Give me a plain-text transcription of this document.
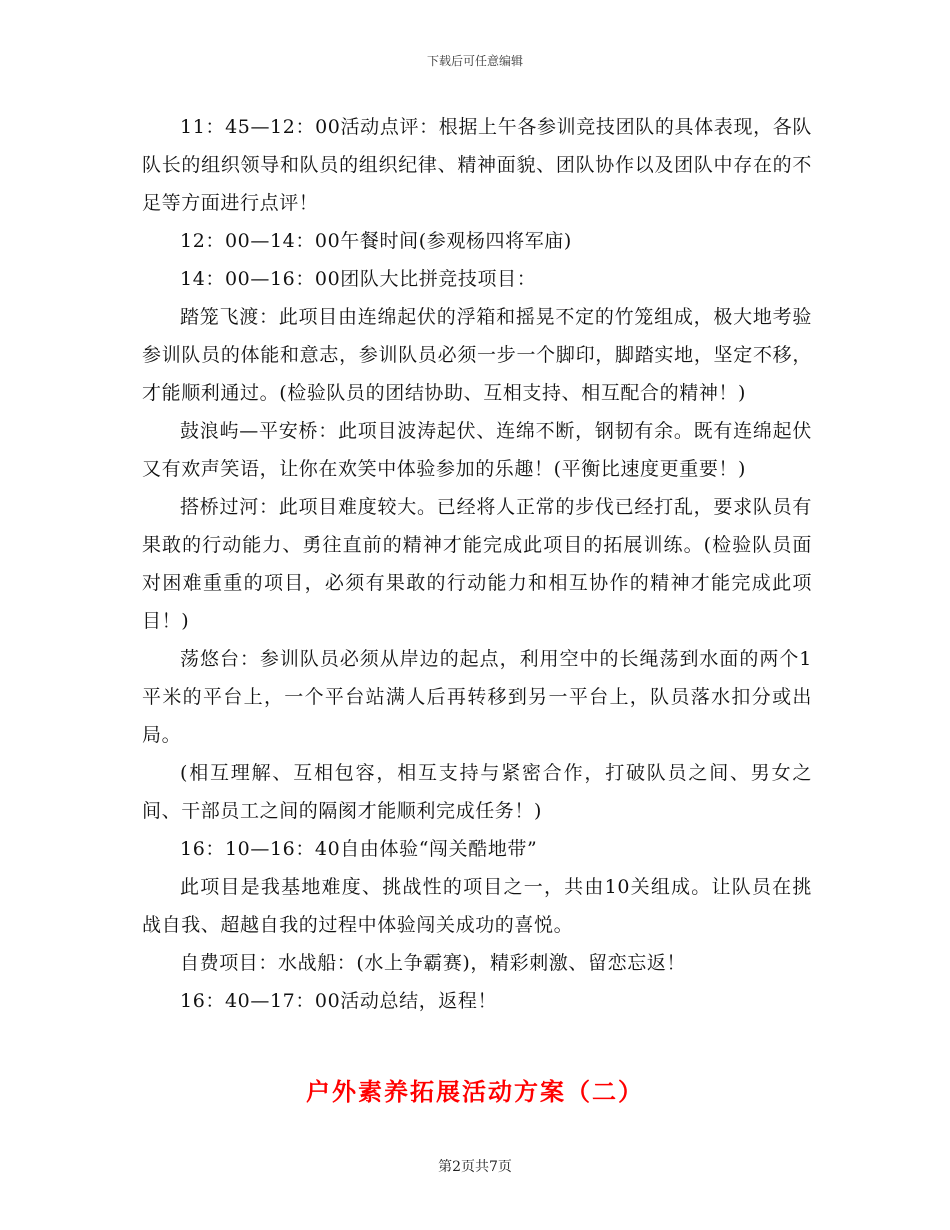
下载后可任意编辑

11：45—12：00活动点评：根据上午各参训竞技团队的具体表现，各队队长的组织领导和队员的组织纪律、精神面貌、团队协作以及团队中存在的不足等方面进行点评！

12：00—14：00午餐时间(参观杨四将军庙)

14：00—16：00团队大比拼竞技项目：

踏笼飞渡：此项目由连绵起伏的浮箱和摇晃不定的竹笼组成，极大地考验参训队员的体能和意志，参训队员必须一步一个脚印，脚踏实地，坚定不移，才能顺利通过。(检验队员的团结协助、互相支持、相互配合的精神！)

鼓浪屿—平安桥：此项目波涛起伏、连绵不断，钢韧有余。既有连绵起伏又有欢声笑语，让你在欢笑中体验参加的乐趣！(平衡比速度更重要！)

搭桥过河：此项目难度较大。已经将人正常的步伐已经打乱，要求队员有果敢的行动能力、勇往直前的精神才能完成此项目的拓展训练。(检验队员面对困难重重的项目，必须有果敢的行动能力和相互协作的精神才能完成此项目！)

荡悠台：参训队员必须从岸边的起点，利用空中的长绳荡到水面的两个1平米的平台上，一个平台站满人后再转移到另一平台上，队员落水扣分或出局。

(相互理解、互相包容，相互支持与紧密合作，打破队员之间、男女之间、干部员工之间的隔阂才能顺利完成任务！)

16：10—16：40自由体验“闯关酷地带”

此项目是我基地难度、挑战性的项目之一，共由10关组成。让队员在挑战自我、超越自我的过程中体验闯关成功的喜悦。

自费项目：水战船：(水上争霸赛)，精彩刺激、留恋忘返！

16：40—17：00活动总结，返程！

户外素养拓展活动方案（二）
第2页共7页
